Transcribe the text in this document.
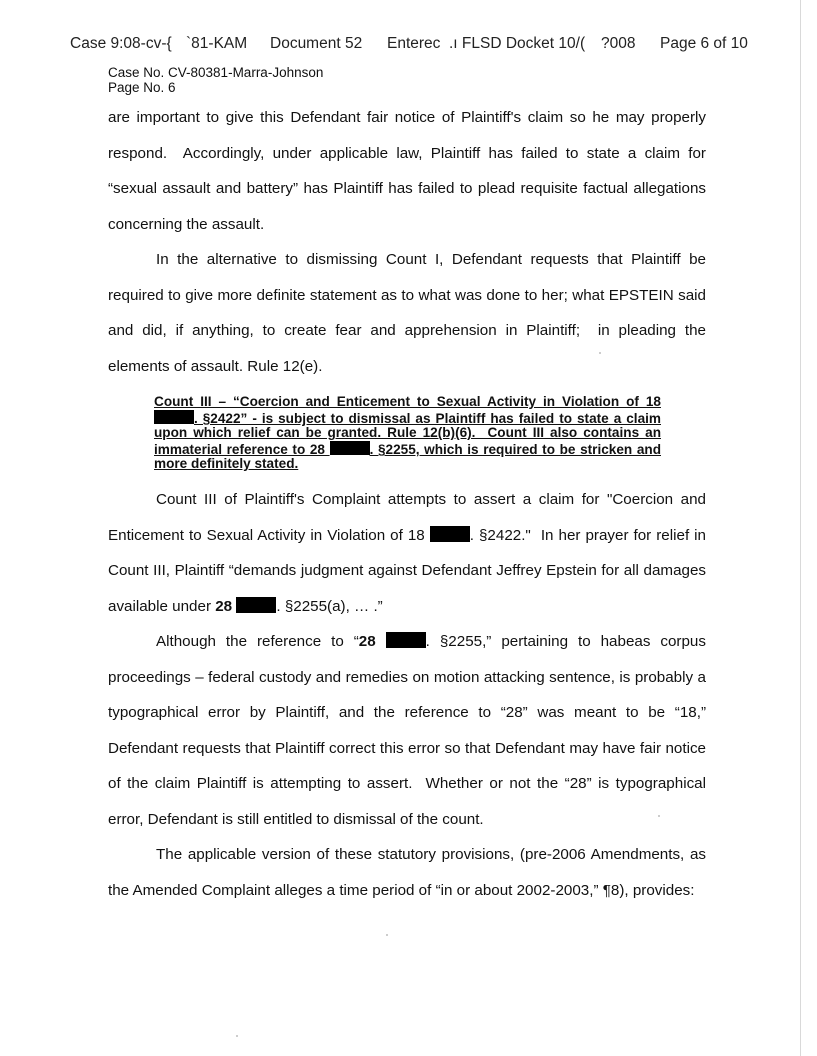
Case 9:08-cv-{ `81-KAM Document 52 Enterec .ı FLSD Docket 10/( ?008 Page 6 of 10
Case No. CV-80381-Marra-Johnson
Page No. 6

are important to give this Defendant fair notice of Plaintiff's claim so he may properly respond.  Accordingly, under applicable law, Plaintiff has failed to state a claim for “sexual assault and battery” has Plaintiff has failed to plead requisite factual allegations concerning the assault.

In the alternative to dismissing Count I, Defendant requests that Plaintiff be required to give more definite statement as to what was done to her; what EPSTEIN said and did, if anything, to create fear and apprehension in Plaintiff;  in pleading the elements of assault. Rule 12(e).

Count III – “Coercion and Enticement to Sexual Activity in Violation of 18 . §2422” - is subject to dismissal as Plaintiff has failed to state a claim upon which relief can be granted. Rule 12(b)(6).  Count III also contains an immaterial reference to 28	. §2255, which is required to be stricken and more definitely stated.

Count III of Plaintiff's Complaint attempts to assert a claim for "Coercion and Enticement to Sexual Activity in Violation of 18	. §2422."  In her prayer for relief in Count III, Plaintiff “demands judgment against Defendant Jeffrey Epstein for all damages available under 28	. §2255(a), … .”

Although the reference to “28	. §2255,” pertaining to habeas corpus proceedings – federal custody and remedies on motion attacking sentence, is probably a typographical error by Plaintiff, and the reference to “28” was meant to be “18,” Defendant requests that Plaintiff correct this error so that Defendant may have fair notice of the claim Plaintiff is attempting to assert.  Whether or not the “28” is typographical error, Defendant is still entitled to dismissal of the count.

The applicable version of these statutory provisions, (pre-2006 Amendments, as the Amended Complaint alleges a time period of “in or about 2002-2003,” ¶8), provides:
